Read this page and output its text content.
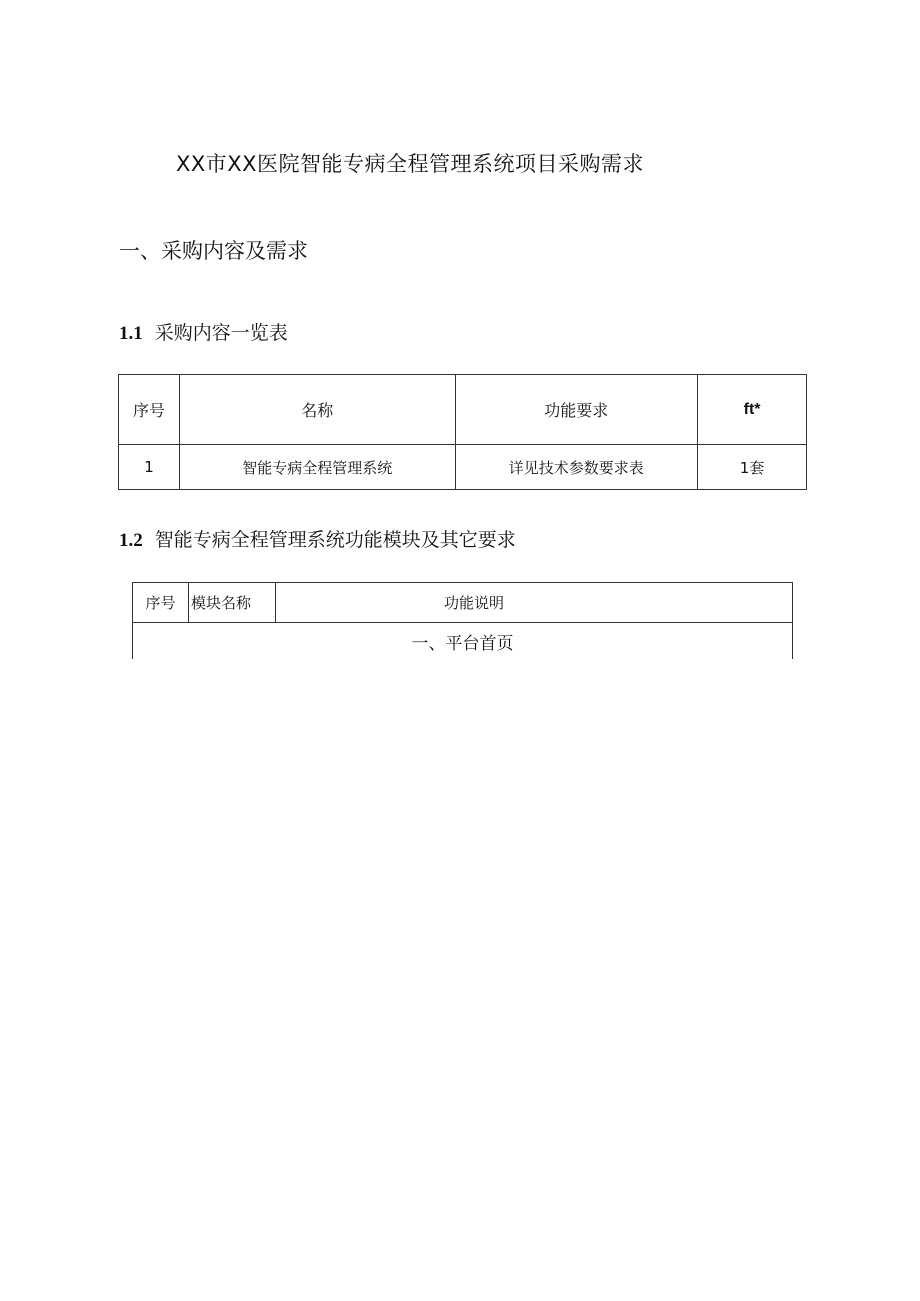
XX市XX医院智能专病全程管理系统项目采购需求
一、采购内容及需求
1.1 采购内容一览表
序号	名称	功能要求	ft*
1	智能专病全程管理系统	详见技术参数要求表	1套
1.2 智能专病全程管理系统功能模块及其它要求
序号	模块名称	功能说明
一、平台首页
